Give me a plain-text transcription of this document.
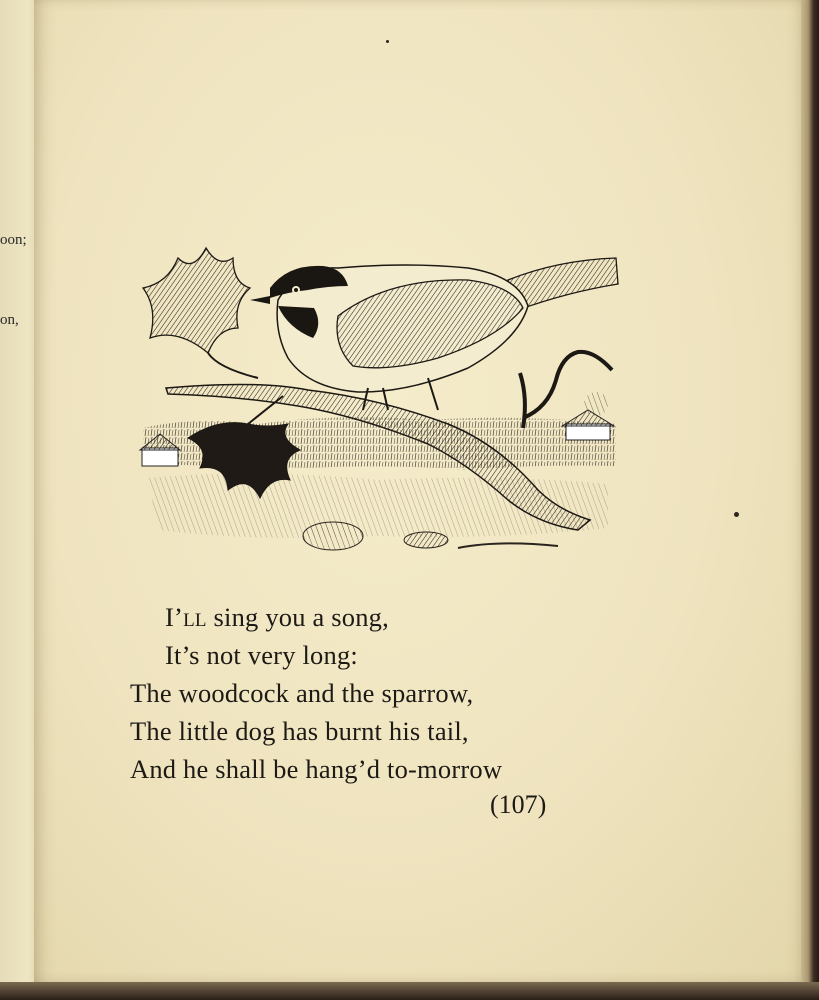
oon;
on,
I’ll sing you a song,
It’s not very long:
The woodcock and the sparrow,
The little dog has burnt his tail,
And he shall be hang’d to-morrow
(107)
